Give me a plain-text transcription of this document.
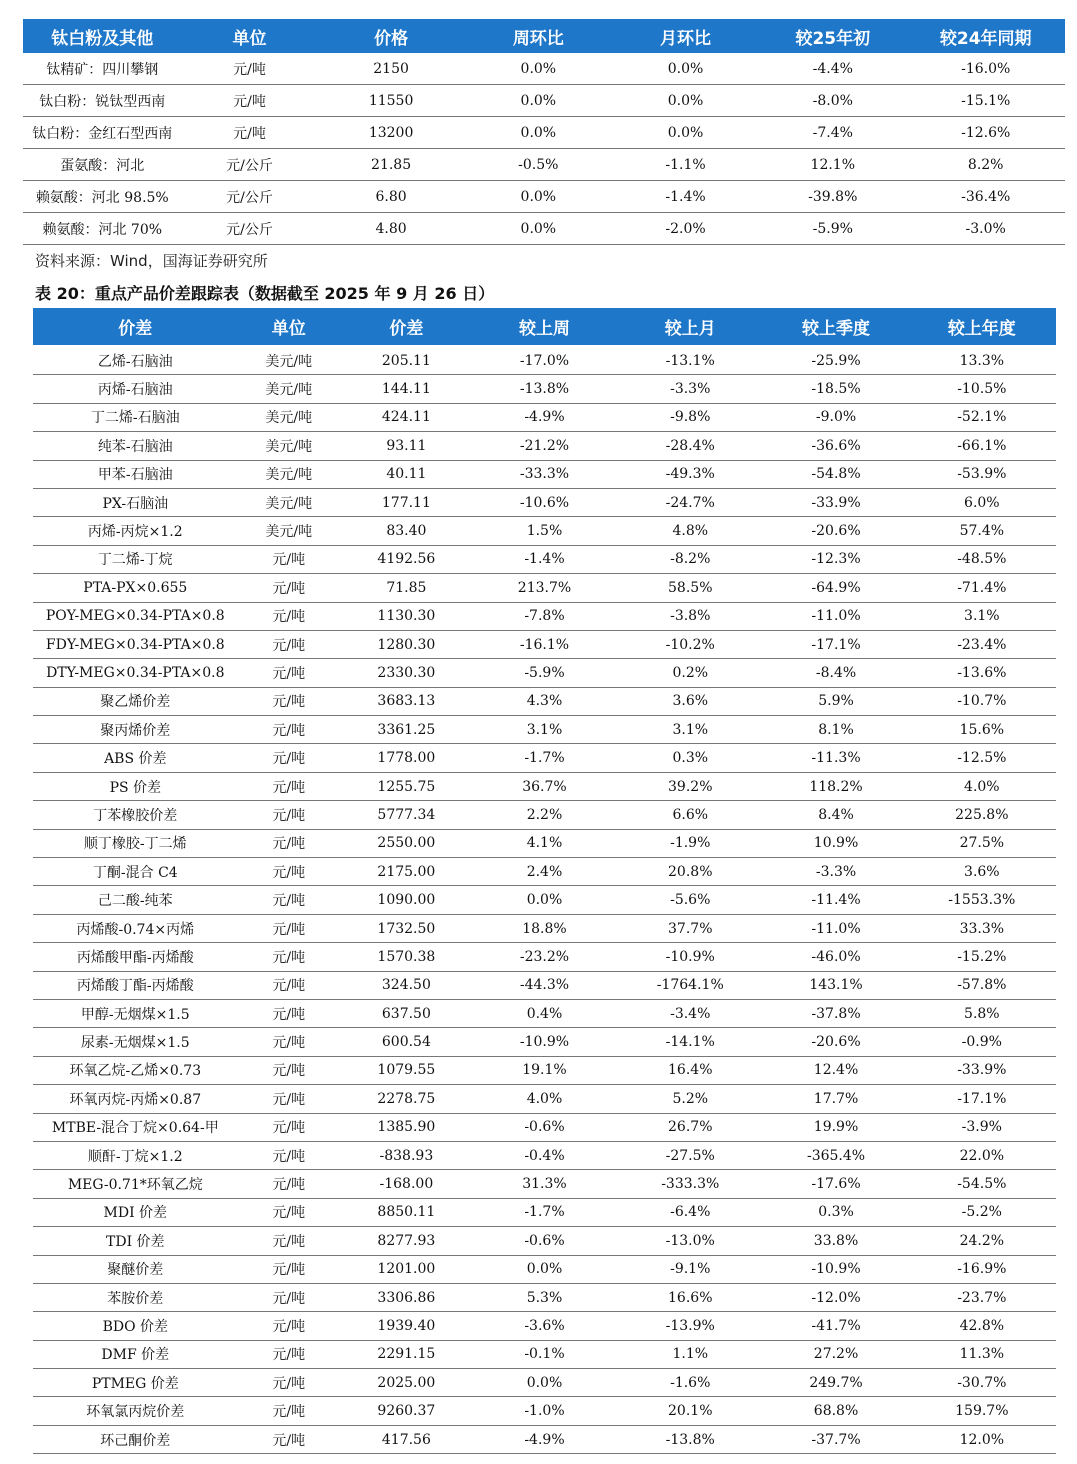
钛白粉及其他	单位	价格	周环比	月环比	较25年初	较24年同期
钛精矿：四川攀钢	元/吨	2150	0.0%	0.0%	-4.4%	-16.0%
钛白粉：锐钛型西南	元/吨	11550	0.0%	0.0%	-8.0%	-15.1%
钛白粉：金红石型西南	元/吨	13200	0.0%	0.0%	-7.4%	-12.6%
蛋氨酸：河北	元/公斤	21.85	-0.5%	-1.1%	12.1%	8.2%
赖氨酸：河北 98.5%	元/公斤	6.80	0.0%	-1.4%	-39.8%	-36.4%
赖氨酸：河北 70%	元/公斤	4.80	0.0%	-2.0%	-5.9%	-3.0%
资料来源：Wind，国海证券研究所
表 20：重点产品价差跟踪表（数据截至 2025 年 9 月 26 日）
价差	单位	价差	较上周	较上月	较上季度	较上年度
乙烯-石脑油	美元/吨	205.11	-17.0%	-13.1%	-25.9%	13.3%
丙烯-石脑油	美元/吨	144.11	-13.8%	-3.3%	-18.5%	-10.5%
丁二烯-石脑油	美元/吨	424.11	-4.9%	-9.8%	-9.0%	-52.1%
纯苯-石脑油	美元/吨	93.11	-21.2%	-28.4%	-36.6%	-66.1%
甲苯-石脑油	美元/吨	40.11	-33.3%	-49.3%	-54.8%	-53.9%
PX-石脑油	美元/吨	177.11	-10.6%	-24.7%	-33.9%	6.0%
丙烯-丙烷×1.2	美元/吨	83.40	1.5%	4.8%	-20.6%	57.4%
丁二烯-丁烷	元/吨	4192.56	-1.4%	-8.2%	-12.3%	-48.5%
PTA-PX×0.655	元/吨	71.85	213.7%	58.5%	-64.9%	-71.4%
POY-MEG×0.34-PTA×0.8	元/吨	1130.30	-7.8%	-3.8%	-11.0%	3.1%
FDY-MEG×0.34-PTA×0.8	元/吨	1280.30	-16.1%	-10.2%	-17.1%	-23.4%
DTY-MEG×0.34-PTA×0.8	元/吨	2330.30	-5.9%	0.2%	-8.4%	-13.6%
聚乙烯价差	元/吨	3683.13	4.3%	3.6%	5.9%	-10.7%
聚丙烯价差	元/吨	3361.25	3.1%	3.1%	8.1%	15.6%
ABS 价差	元/吨	1778.00	-1.7%	0.3%	-11.3%	-12.5%
PS 价差	元/吨	1255.75	36.7%	39.2%	118.2%	4.0%
丁苯橡胶价差	元/吨	5777.34	2.2%	6.6%	8.4%	225.8%
顺丁橡胶-丁二烯	元/吨	2550.00	4.1%	-1.9%	10.9%	27.5%
丁酮-混合 C4	元/吨	2175.00	2.4%	20.8%	-3.3%	3.6%
己二酸-纯苯	元/吨	1090.00	0.0%	-5.6%	-11.4%	-1553.3%
丙烯酸-0.74×丙烯	元/吨	1732.50	18.8%	37.7%	-11.0%	33.3%
丙烯酸甲酯-丙烯酸	元/吨	1570.38	-23.2%	-10.9%	-46.0%	-15.2%
丙烯酸丁酯-丙烯酸	元/吨	324.50	-44.3%	-1764.1%	143.1%	-57.8%
甲醇-无烟煤×1.5	元/吨	637.50	0.4%	-3.4%	-37.8%	5.8%
尿素-无烟煤×1.5	元/吨	600.54	-10.9%	-14.1%	-20.6%	-0.9%
环氧乙烷-乙烯×0.73	元/吨	1079.55	19.1%	16.4%	12.4%	-33.9%
环氧丙烷-丙烯×0.87	元/吨	2278.75	4.0%	5.2%	17.7%	-17.1%
MTBE-混合丁烷×0.64-甲	元/吨	1385.90	-0.6%	26.7%	19.9%	-3.9%
顺酐-丁烷×1.2	元/吨	-838.93	-0.4%	-27.5%	-365.4%	22.0%
MEG-0.71*环氧乙烷	元/吨	-168.00	31.3%	-333.3%	-17.6%	-54.5%
MDI 价差	元/吨	8850.11	-1.7%	-6.4%	0.3%	-5.2%
TDI 价差	元/吨	8277.93	-0.6%	-13.0%	33.8%	24.2%
聚醚价差	元/吨	1201.00	0.0%	-9.1%	-10.9%	-16.9%
苯胺价差	元/吨	3306.86	5.3%	16.6%	-12.0%	-23.7%
BDO 价差	元/吨	1939.40	-3.6%	-13.9%	-41.7%	42.8%
DMF 价差	元/吨	2291.15	-0.1%	1.1%	27.2%	11.3%
PTMEG 价差	元/吨	2025.00	0.0%	-1.6%	249.7%	-30.7%
环氧氯丙烷价差	元/吨	9260.37	-1.0%	20.1%	68.8%	159.7%
环己酮价差	元/吨	417.56	-4.9%	-13.8%	-37.7%	12.0%
